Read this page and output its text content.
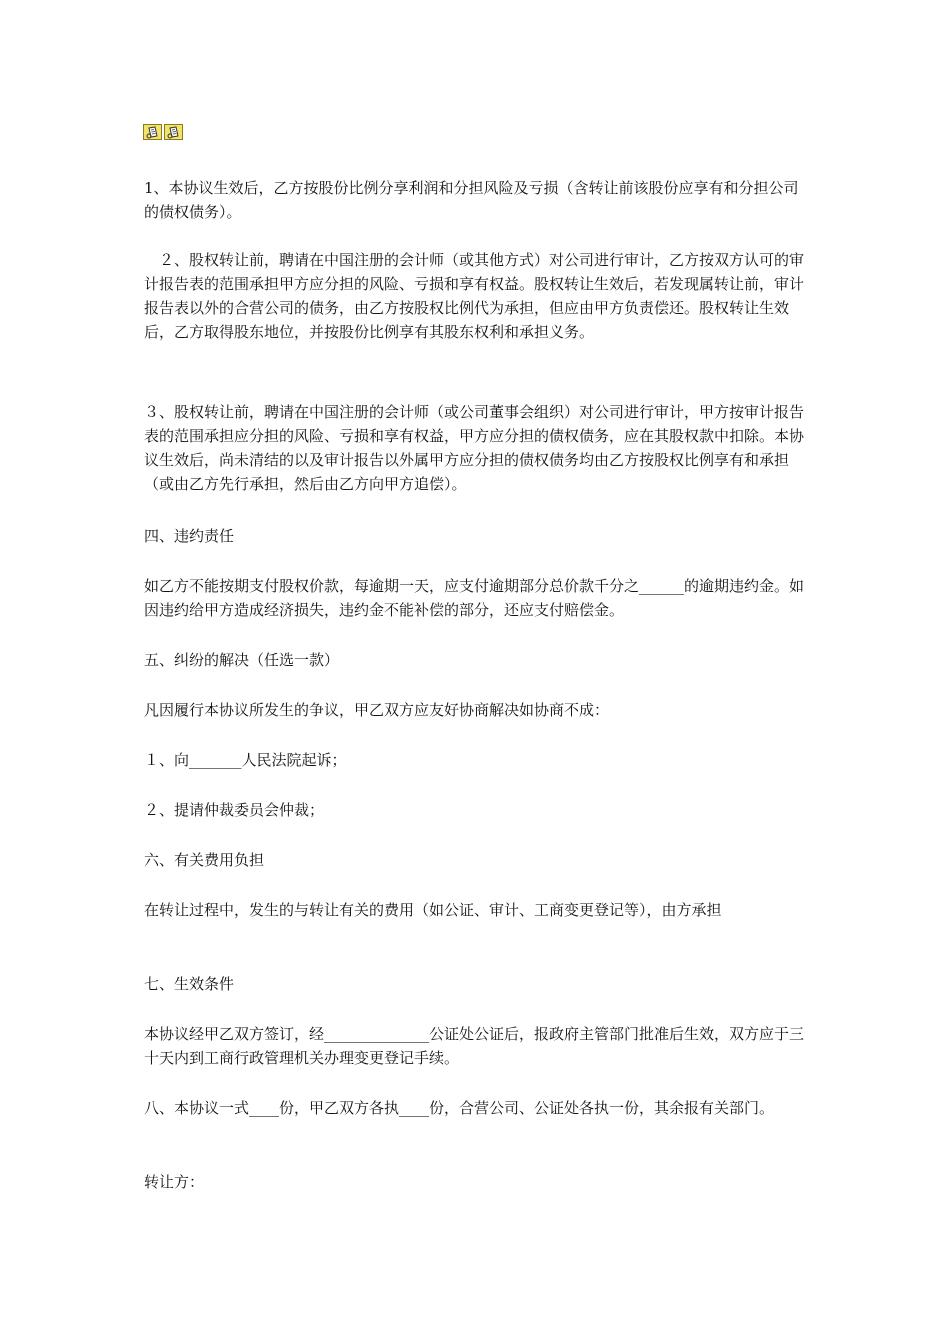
1、本协议生效后，乙方按股份比例分享利润和分担风险及亏损（含转让前该股份应享有和分担公司的债权债务）。

　２、股权转让前，聘请在中国注册的会计师（或其他方式）对公司进行审计，乙方按双方认可的审计报告表的范围承担甲方应分担的风险、亏损和享有权益。股权转让生效后，若发现属转让前，审计报告表以外的合营公司的债务，由乙方按股权比例代为承担，但应由甲方负责偿还。股权转让生效后，乙方取得股东地位，并按股份比例享有其股东权利和承担义务。

３、股权转让前，聘请在中国注册的会计师（或公司董事会组织）对公司进行审计，甲方按审计报告表的范围承担应分担的风险、亏损和享有权益，甲方应分担的债权债务，应在其股权款中扣除。本协议生效后，尚未清结的以及审计报告以外属甲方应分担的债权债务均由乙方按股权比例享有和承担（或由乙方先行承担，然后由乙方向甲方追偿）。

四、违约责任

如乙方不能按期支付股权价款，每逾期一天，应支付逾期部分总价款千分之______的逾期违约金。如因违约给甲方造成经济损失，违约金不能补偿的部分，还应支付赔偿金。

五、纠纷的解决（任选一款）

凡因履行本协议所发生的争议，甲乙双方应友好协商解决如协商不成：

１、向_______人民法院起诉；

２、提请仲裁委员会仲裁；

六、有关费用负担

在转让过程中，发生的与转让有关的费用（如公证、审计、工商变更登记等），由方承担

七、生效条件

本协议经甲乙双方签订，经______________公证处公证后，报政府主管部门批准后生效，双方应于三十天内到工商行政管理机关办理变更登记手续。

八、本协议一式____份，甲乙双方各执____份，合营公司、公证处各执一份，其余报有关部门。

转让方：
